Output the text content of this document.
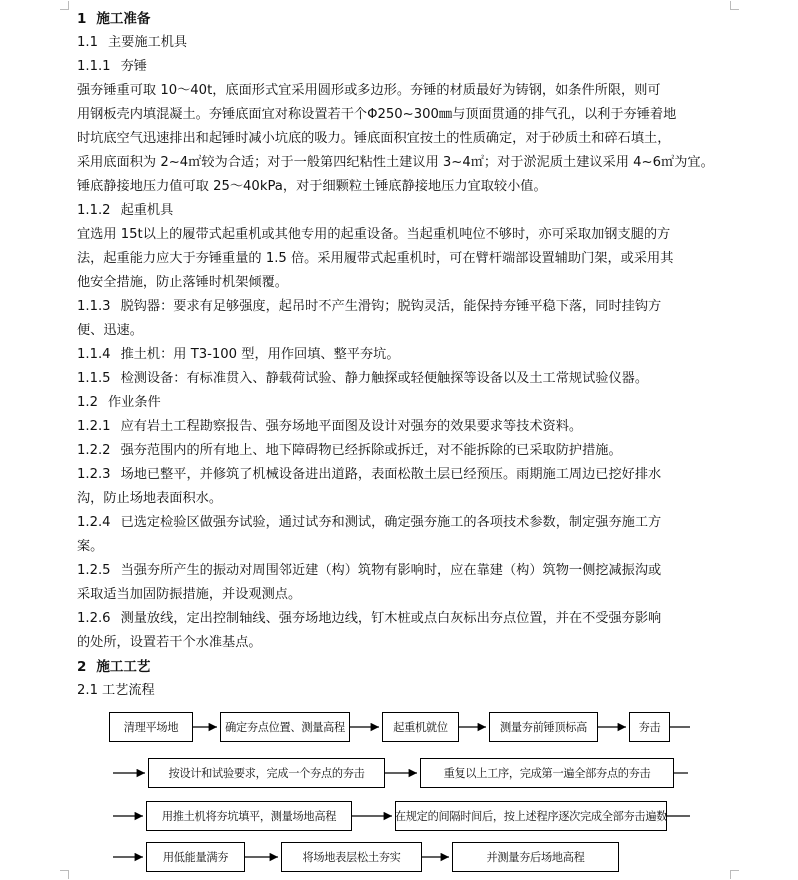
1 施工准备
1.1 主要施工机具
1.1.1 夯锤
强夯锤重可取 10～40t，底面形式宜采用圆形或多边形。夯锤的材质最好为铸钢，如条件所限，则可
用钢板壳内填混凝土。夯锤底面宜对称设置若干个Φ250~300㎜与顶面贯通的排气孔，以利于夯锤着地
时坑底空气迅速排出和起锤时减小坑底的吸力。锤底面积宜按土的性质确定，对于砂质土和碎石填土，
采用底面积为 2~4㎡较为合适；对于一般第四纪粘性土建议用 3~4㎡；对于淤泥质土建议采用 4~6㎡为宜。
锤底静接地压力值可取 25～40kPa，对于细颗粒土锤底静接地压力宜取较小值。
1.1.2 起重机具
宜选用 15t以上的履带式起重机或其他专用的起重设备。当起重机吨位不够时，亦可采取加钢支腿的方
法，起重能力应大于夯锤重量的 1.5 倍。采用履带式起重机时，可在臂杆端部设置辅助门架，或采用其
他安全措施，防止落锤时机架倾覆。
1.1.3 脱钩器：要求有足够强度，起吊时不产生滑钩；脱钩灵活，能保持夯锤平稳下落，同时挂钩方
便、迅速。
1.1.4 推土机：用 T3-100 型，用作回填、整平夯坑。
1.1.5 检测设备：有标准贯入、静载荷试验、静力触探或轻便触探等设备以及土工常规试验仪器。
1.2 作业条件
1.2.1 应有岩土工程勘察报告、强夯场地平面图及设计对强夯的效果要求等技术资料。
1.2.2 强夯范围内的所有地上、地下障碍物已经拆除或拆迁，对不能拆除的已采取防护措施。
1.2.3 场地已整平，并修筑了机械设备进出道路，表面松散土层已经预压。雨期施工周边已挖好排水
沟，防止场地表面积水。
1.2.4 已选定检验区做强夯试验，通过试夯和测试，确定强夯施工的各项技术参数，制定强夯施工方
案。
1.2.5 当强夯所产生的振动对周围邻近建（构）筑物有影响时，应在靠建（构）筑物一侧挖减振沟或
采取适当加固防振措施，并设观测点。
1.2.6 测量放线，定出控制轴线、强夯场地边线，钉木桩或点白灰标出夯点位置，并在不受强夯影响
的处所，设置若干个水准基点。
2 施工工艺
2.1 工艺流程
清理平场地	确定夯点位置、测量高程	起重机就位	测量夯前锤顶标高	夯击
按设计和试验要求，完成一个夯点的夯击	重复以上工序，完成第一遍全部夯点的夯击
用推土机将夯坑填平，测量场地高程	在规定的间隔时间后，按上述程序逐次完成全部夯击遍数
用低能量满夯	将场地表层松土夯实	并测量夯后场地高程
